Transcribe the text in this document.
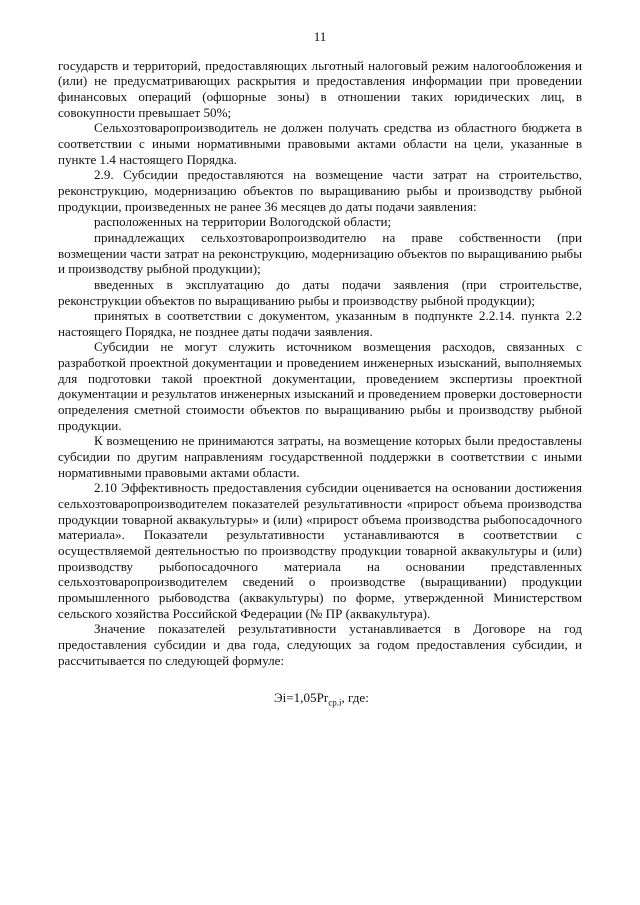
11

государств и территорий, предоставляющих льготный налоговый режим налогообложения и (или) не предусматривающих раскрытия и предоставления информации при проведении финансовых операций (офшорные зоны) в отношении таких юридических лиц, в совокупности превышает 50%;

Сельхозтоваропроизводитель не должен получать средства из областного бюджета в соответствии с иными нормативными правовыми актами области на цели, указанные в пункте 1.4 настоящего Порядка.

2.9. Субсидии предоставляются на возмещение части затрат на строительство, реконструкцию, модернизацию объектов по выращиванию рыбы и производству рыбной продукции, произведенных не ранее 36 месяцев до даты подачи заявления:

расположенных на территории Вологодской области;

принадлежащих сельхозтоваропроизводителю на праве собственности (при возмещении части затрат на реконструкцию, модернизацию объектов по выращиванию рыбы и производству рыбной продукции);

введенных в эксплуатацию до даты подачи заявления (при строительстве, реконструкции объектов по выращиванию рыбы и производству рыбной продукции);

принятых в соответствии с документом, указанным в подпункте 2.2.14. пункта 2.2 настоящего Порядка, не позднее даты подачи заявления.

Субсидии не могут служить источником возмещения расходов, связанных с разработкой проектной документации и проведением инженерных изысканий, выполняемых для подготовки такой проектной документации, проведением экспертизы проектной документации и результатов инженерных изысканий и проведением проверки достоверности определения сметной стоимости объектов по выращиванию рыбы и производству рыбной продукции.

К возмещению не принимаются затраты, на возмещение которых были предоставлены субсидии по другим направлениям государственной поддержки в соответствии с иными нормативными правовыми актами области.

2.10 Эффективность предоставления субсидии оценивается на основании достижения сельхозтоваропроизводителем показателей результативности «прирост объема производства продукции товарной аквакультуры» и (или) «прирост объема производства рыбопосадочного материала». Показатели результативности устанавливаются в соответствии с осуществляемой деятельностью по производству продукции товарной аквакультуры и (или) производству рыбопосадочного материала на основании представленных сельхозтоваропроизводителем сведений о производстве (выращивании) продукции промышленного рыбоводства (аквакультуры) по форме, утвержденной Министерством сельского хозяйства Российской Федерации (№ ПР (аквакультура).

Значение показателей результативности устанавливается в Договоре на год предоставления субсидии и два года, следующих за годом предоставления субсидии, и рассчитывается по следующей формуле:

$Эi=1,05Pr_{ср.i}$, где:
